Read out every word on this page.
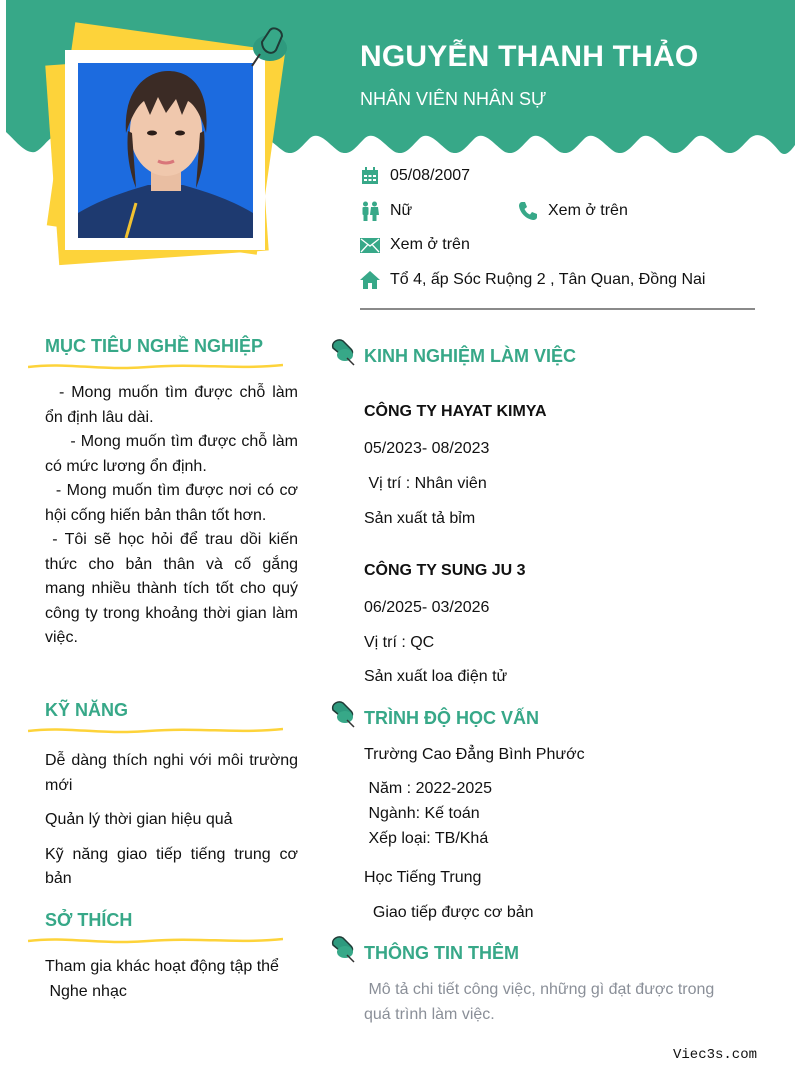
NGUYỄN THANH THẢO
NHÂN VIÊN NHÂN SỰ
05/08/2007
Nữ	Xem ở trên
Xem ở trên
Tổ 4, ấp Sóc Ruộng 2 , Tân Quan, Đồng Nai
MỤC TIÊU NGHỀ NGHIỆP
- Mong muốn tìm được chỗ làm ổn định lâu dài.
- Mong muốn tìm được chỗ làm có mức lương ổn định.
- Mong muốn tìm được nơi có cơ hội cống hiến bản thân tốt hơn.
- Tôi sẽ học hỏi để trau dồi kiến thức cho bản thân và cố gắng mang nhiều thành tích tốt cho quý công ty trong khoảng thời gian làm việc.
KỸ NĂNG
Dễ dàng thích nghi với môi trường mới
Quản lý thời gian hiệu quả
Kỹ năng giao tiếp tiếng trung cơ bản
SỞ THÍCH
Tham gia khác hoạt động tập thể
Nghe nhạc
KINH NGHIỆM LÀM VIỆC
CÔNG TY HAYAT KIMYA
05/2023- 08/2023
Vị trí : Nhân viên
Sản xuất tả bỉm
CÔNG TY SUNG JU 3
06/2025- 03/2026
Vị trí : QC
Sản xuất loa điện tử
TRÌNH ĐỘ HỌC VẤN
Trường Cao Đẳng Bình Phước
Năm : 2022-2025
Ngành: Kế toán
Xếp loại: TB/Khá
Học Tiếng Trung
Giao tiếp được cơ bản
THÔNG TIN THÊM
Mô tả chi tiết công việc, những gì đạt được trong
quá trình làm việc.
Viec3s.com
